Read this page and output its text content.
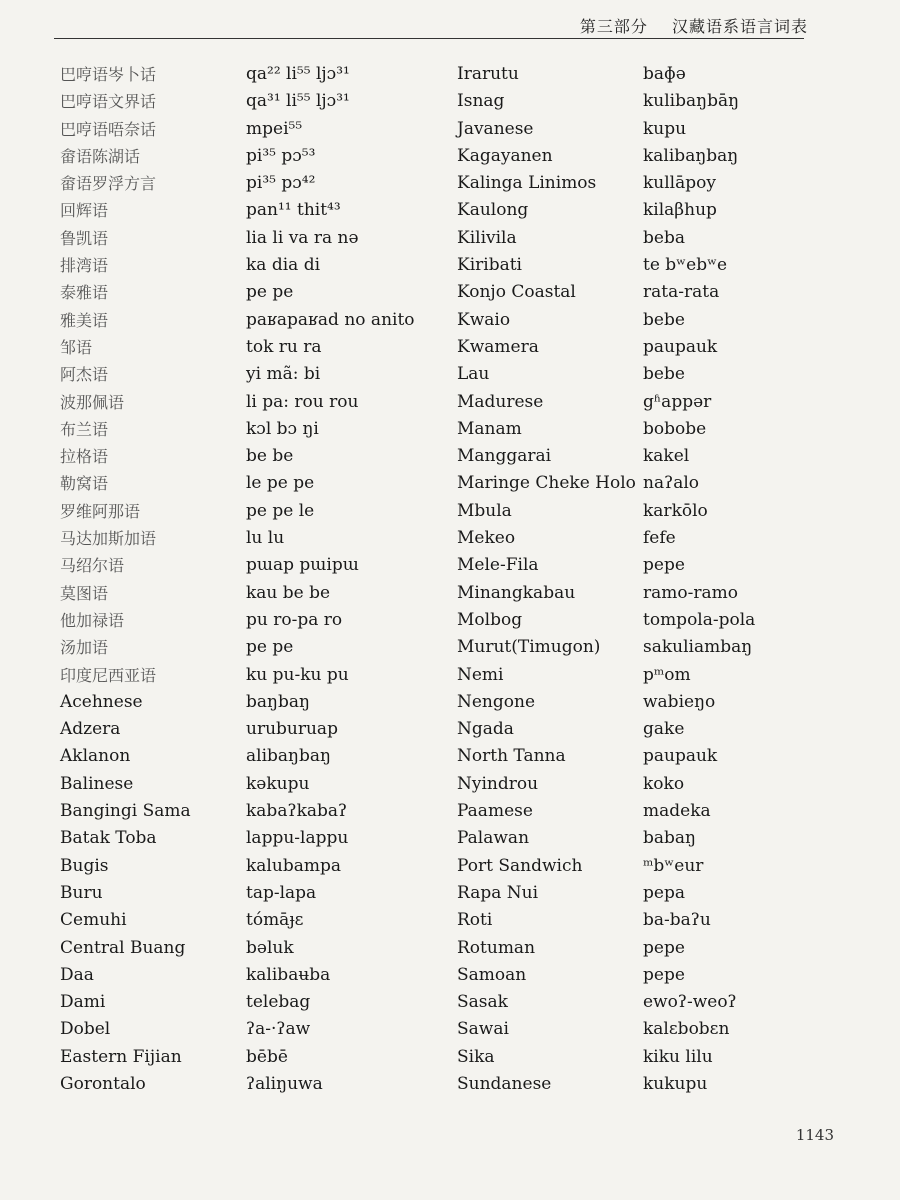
第三部分 汉藏语系语言词表
巴哼语岑卜话
巴哼语文界话
巴哼语唔奈话
畲语陈湖话
畲语罗浮方言
回辉语
鲁凯语
排湾语
泰雅语
雅美语
邹语
阿杰语
波那佩语
布兰语
拉格语
勒窝语
罗维阿那语
马达加斯加语
马绍尔语
莫图语
他加禄语
汤加语
印度尼西亚语
Acehnese
Adzera
Aklanon
Balinese
Bangingi Sama
Batak Toba
Bugis
Buru
Cemuhi
Central Buang
Daa
Dami
Dobel
Eastern Fijian
Gorontalo
qa²² li⁵⁵ ljɔ³¹
qa³¹ li⁵⁵ ljɔ³¹
mpei⁵⁵
pi³⁵ pɔ⁵³
pi³⁵ pɔ⁴²
pan¹¹ thit⁴³
lia li va ra nə
ka dia di
pe pe
paʁapaʁad no anito
tok ru ra
yi mã: bi
li pa: rou rou
kɔl bɔ ŋi
be be
le pe pe
pe pe le
lu lu
pɯap pɯipɯ
kau be be
pu ro-pa ro
pe pe
ku pu-ku pu
baŋbaŋ
uruburuap
alibaŋbaŋ
kəkupu
kabaʔkabaʔ
lappu-lappu
kalubampa
tap-lapa
tómāɟɛ
bəluk
kalibaʉba
telebag
ʔa-·ʔaw
bēbē
ʔaliŋuwa
Irarutu
Isnag
Javanese
Kagayanen
Kalinga Linimos
Kaulong
Kilivila
Kiribati
Konjo Coastal
Kwaio
Kwamera
Lau
Madurese
Manam
Manggarai
Maringe Cheke Holo
Mbula
Mekeo
Mele-Fila
Minangkabau
Molbog
Murut(Timugon)
Nemi
Nengone
Ngada
North Tanna
Nyindrou
Paamese
Palawan
Port Sandwich
Rapa Nui
Roti
Rotuman
Samoan
Sasak
Sawai
Sika
Sundanese
baɸə
kulibaŋbāŋ
kupu
kalibaŋbaŋ
kullāpoy
kilaβhup
beba
te bʷebʷe
rata-rata
bebe
paupauk
bebe
gʱappər
bobobe
kakel
naʔalo
karkōlo
fefe
pepe
ramo-ramo
tompola-pola
sakuliambaŋ
pᵐom
wabieŋo
gake
paupauk
koko
madeka
babaŋ
ᵐbʷeur
pepa
ba-baʔu
pepe
pepe
ewoʔ-weoʔ
kalɛbobɛn
kiku lilu
kukupu
1143
